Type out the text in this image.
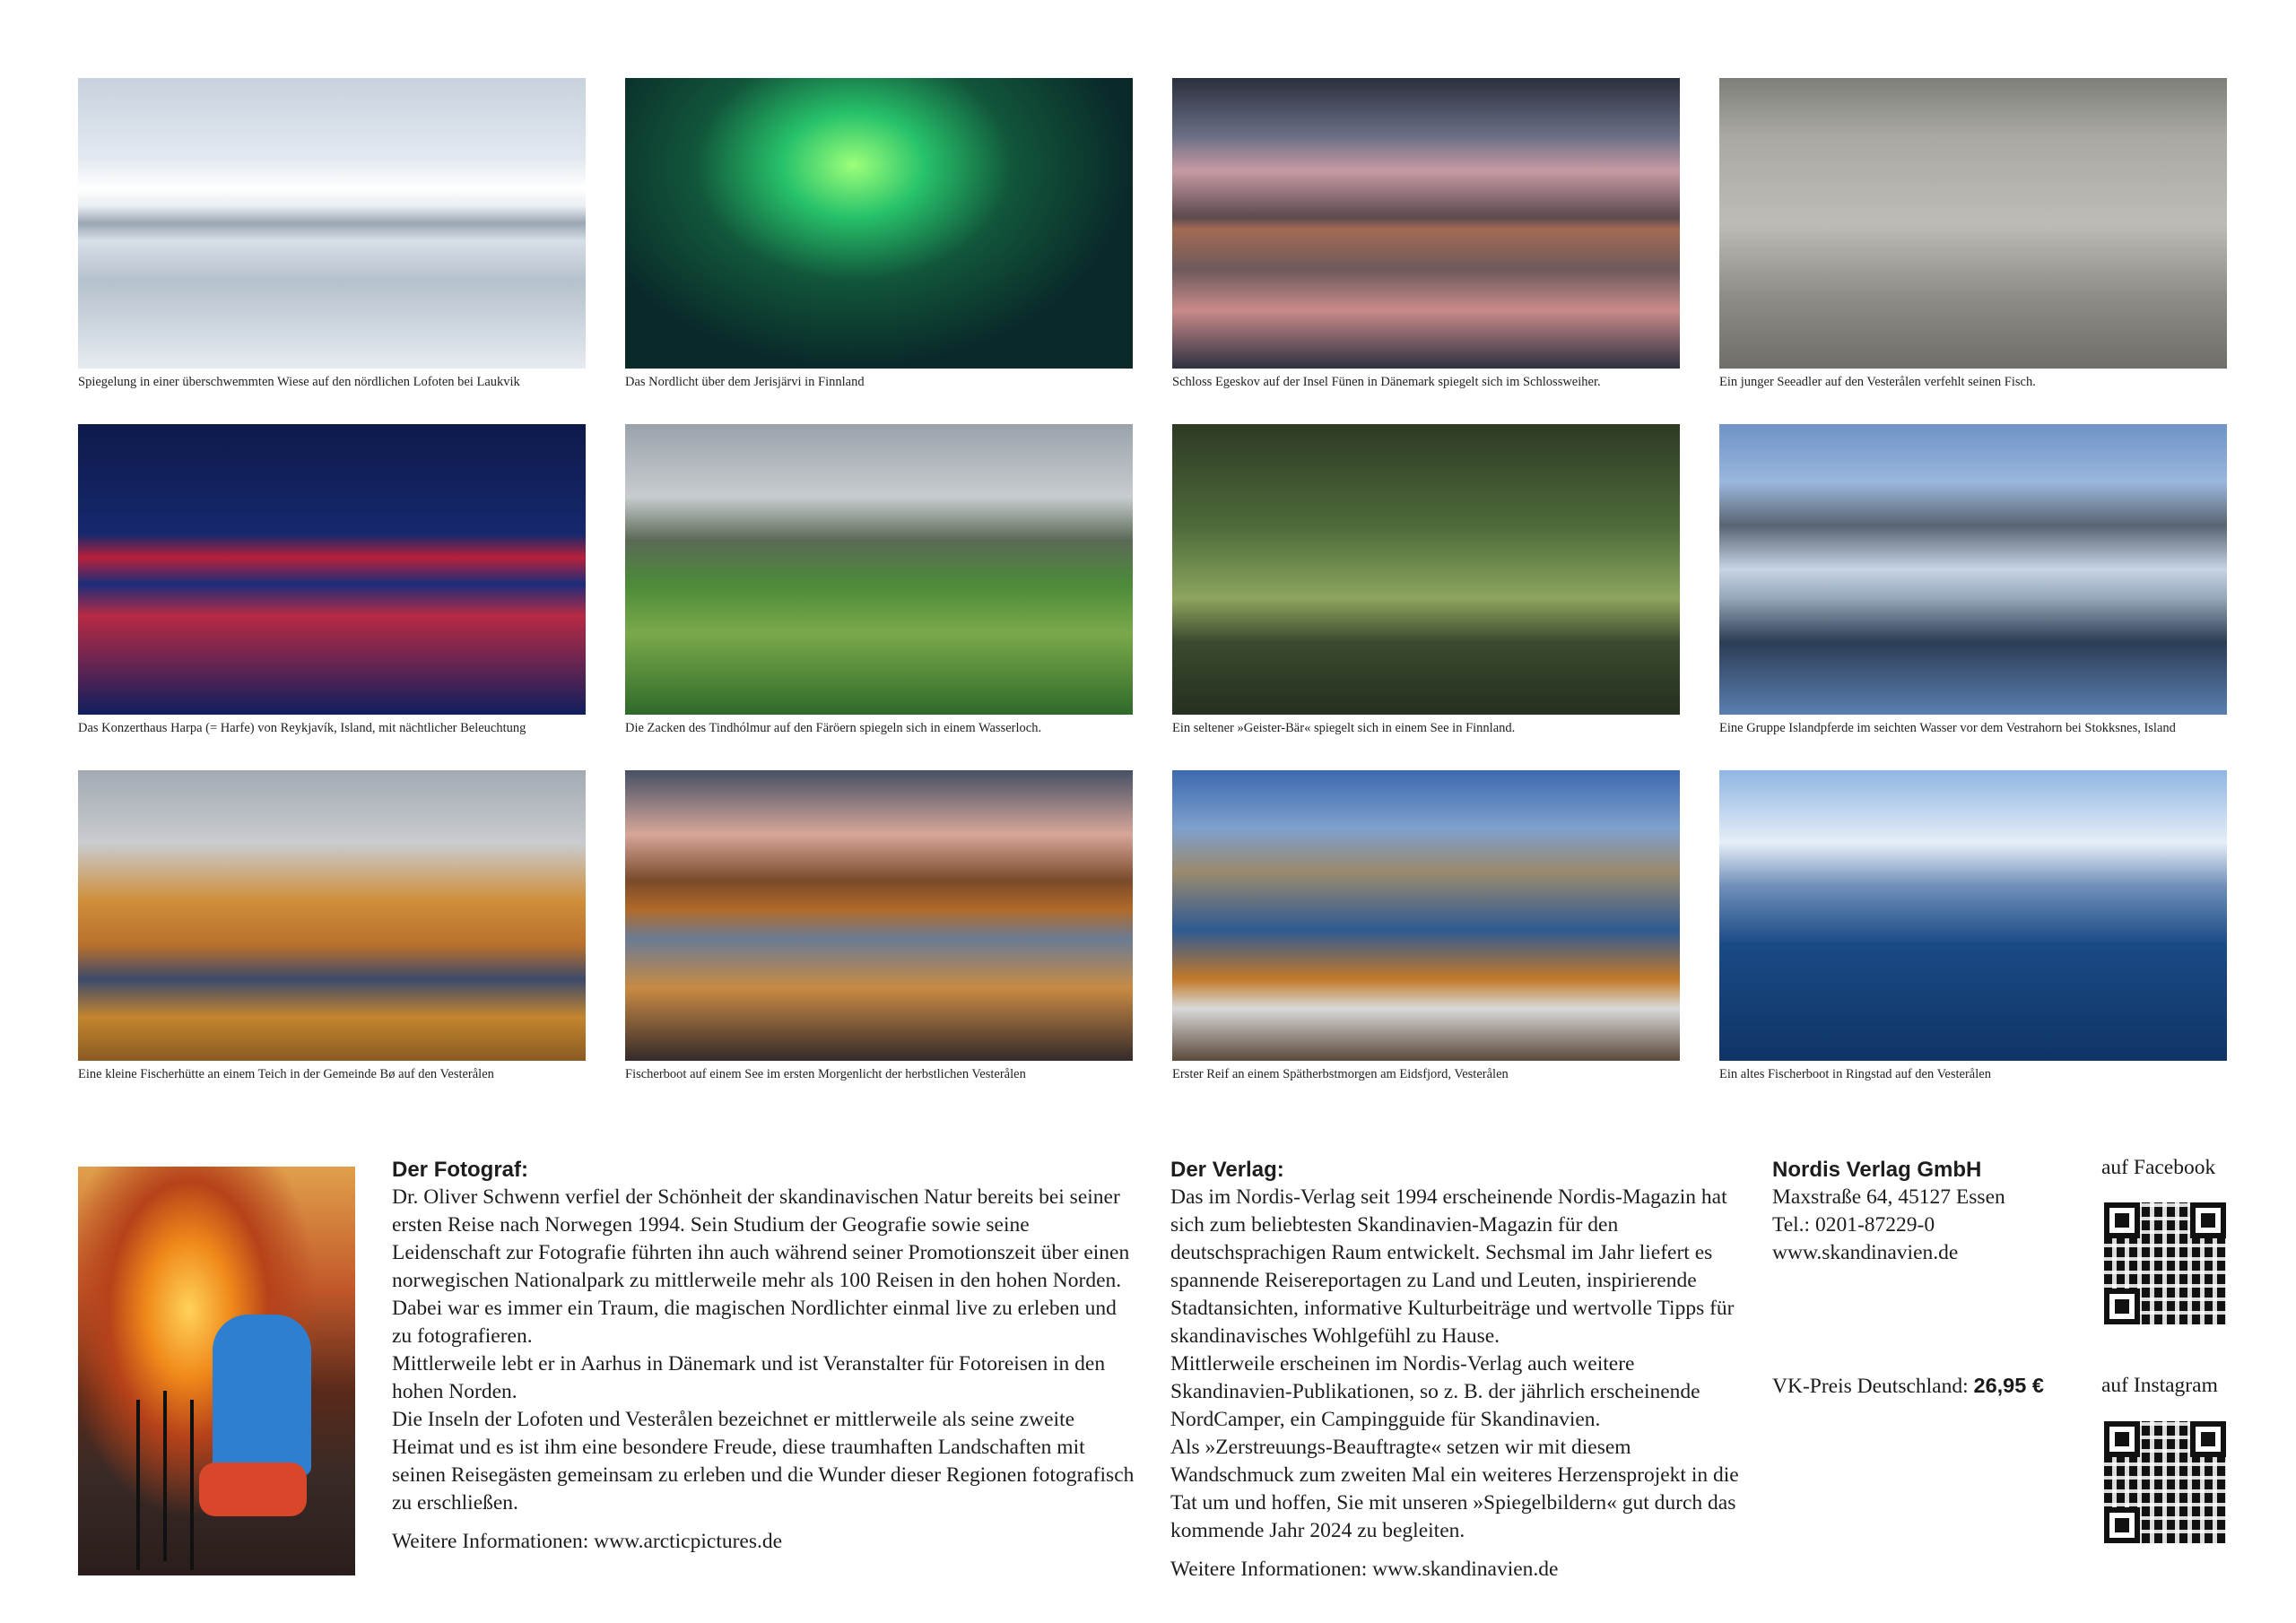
Spiegelung in einer überschwemmten Wiese auf den nördlichen Lofoten bei Laukvik	Das Nordlicht über dem Jerisjärvi in Finnland	Schloss Egeskov auf der Insel Fünen in Dänemark spiegelt sich im Schlossweiher.	Ein junger Seeadler auf den Vesterålen verfehlt seinen Fisch.
Das Konzerthaus Harpa (= Harfe) von Reykjavík, Island, mit nächtlicher Beleuchtung	Die Zacken des Tindhólmur auf den Färöern spiegeln sich in einem Wasserloch.	Ein seltener »Geister-Bär« spiegelt sich in einem See in Finnland.	Eine Gruppe Islandpferde im seichten Wasser vor dem Vestrahorn bei Stokksnes, Island
Eine kleine Fischerhütte an einem Teich in der Gemeinde Bø auf den Vesterålen	Fischerboot auf einem See im ersten Morgenlicht der herbstlichen Vesterålen	Erster Reif an einem Spätherbstmorgen am Eidsfjord, Vesterålen	Ein altes Fischerboot in Ringstad auf den Vesterålen
Der Fotograf:

Dr. Oliver Schwenn verfiel der Schönheit der skandinavischen Natur bereits bei seiner ersten Reise nach Norwegen 1994. Sein Studium der Geografie sowie seine Leidenschaft zur Fotografie führten ihn auch während seiner Promotionszeit über einen norwegischen Nationalpark zu mittlerweile mehr als 100 Reisen in den hohen Norden.

Dabei war es immer ein Traum, die magischen Nordlichter einmal live zu erleben und zu fotografieren.

Mittlerweile lebt er in Aarhus in Dänemark und ist Veranstalter für Fotoreisen in den hohen Norden.

Die Inseln der Lofoten und Vesterålen bezeichnet er mittlerweile als seine zweite Heimat und es ist ihm eine besondere Freude, diese traumhaften Landschaften mit seinen Reisegästen gemeinsam zu erleben und die Wunder dieser Regionen fotografisch zu erschließen.

Weitere Informationen: www.arcticpictures.de

Der Verlag:

Das im Nordis-Verlag seit 1994 erscheinende Nordis-Magazin hat sich zum beliebtesten Skandinavien-Magazin für den deutschsprachigen Raum entwickelt. Sechsmal im Jahr liefert es spannende Reisereportagen zu Land und Leuten, inspirierende Stadtansichten, informative Kulturbeiträge und wertvolle Tipps für skandinavisches Wohlgefühl zu Hause.

Mittlerweile erscheinen im Nordis-Verlag auch weitere Skandinavien-Publikationen, so z. B. der jährlich erscheinende NordCamper, ein Campingguide für Skandinavien.

Als »Zerstreuungs-Beauftragte« setzen wir mit diesem Wandschmuck zum zweiten Mal ein weiteres Herzensprojekt in die Tat um und hoffen, Sie mit unseren »Spiegelbildern« gut durch das kommende Jahr 2024 zu begleiten.

Weitere Informationen: www.skandinavien.de

Nordis Verlag GmbH

Maxstraße 64, 45127 Essen

Tel.: 0201-87229-0

www.skandinavien.de

VK-Preis Deutschland: 26,95 €
auf Facebook
auf Instagram
